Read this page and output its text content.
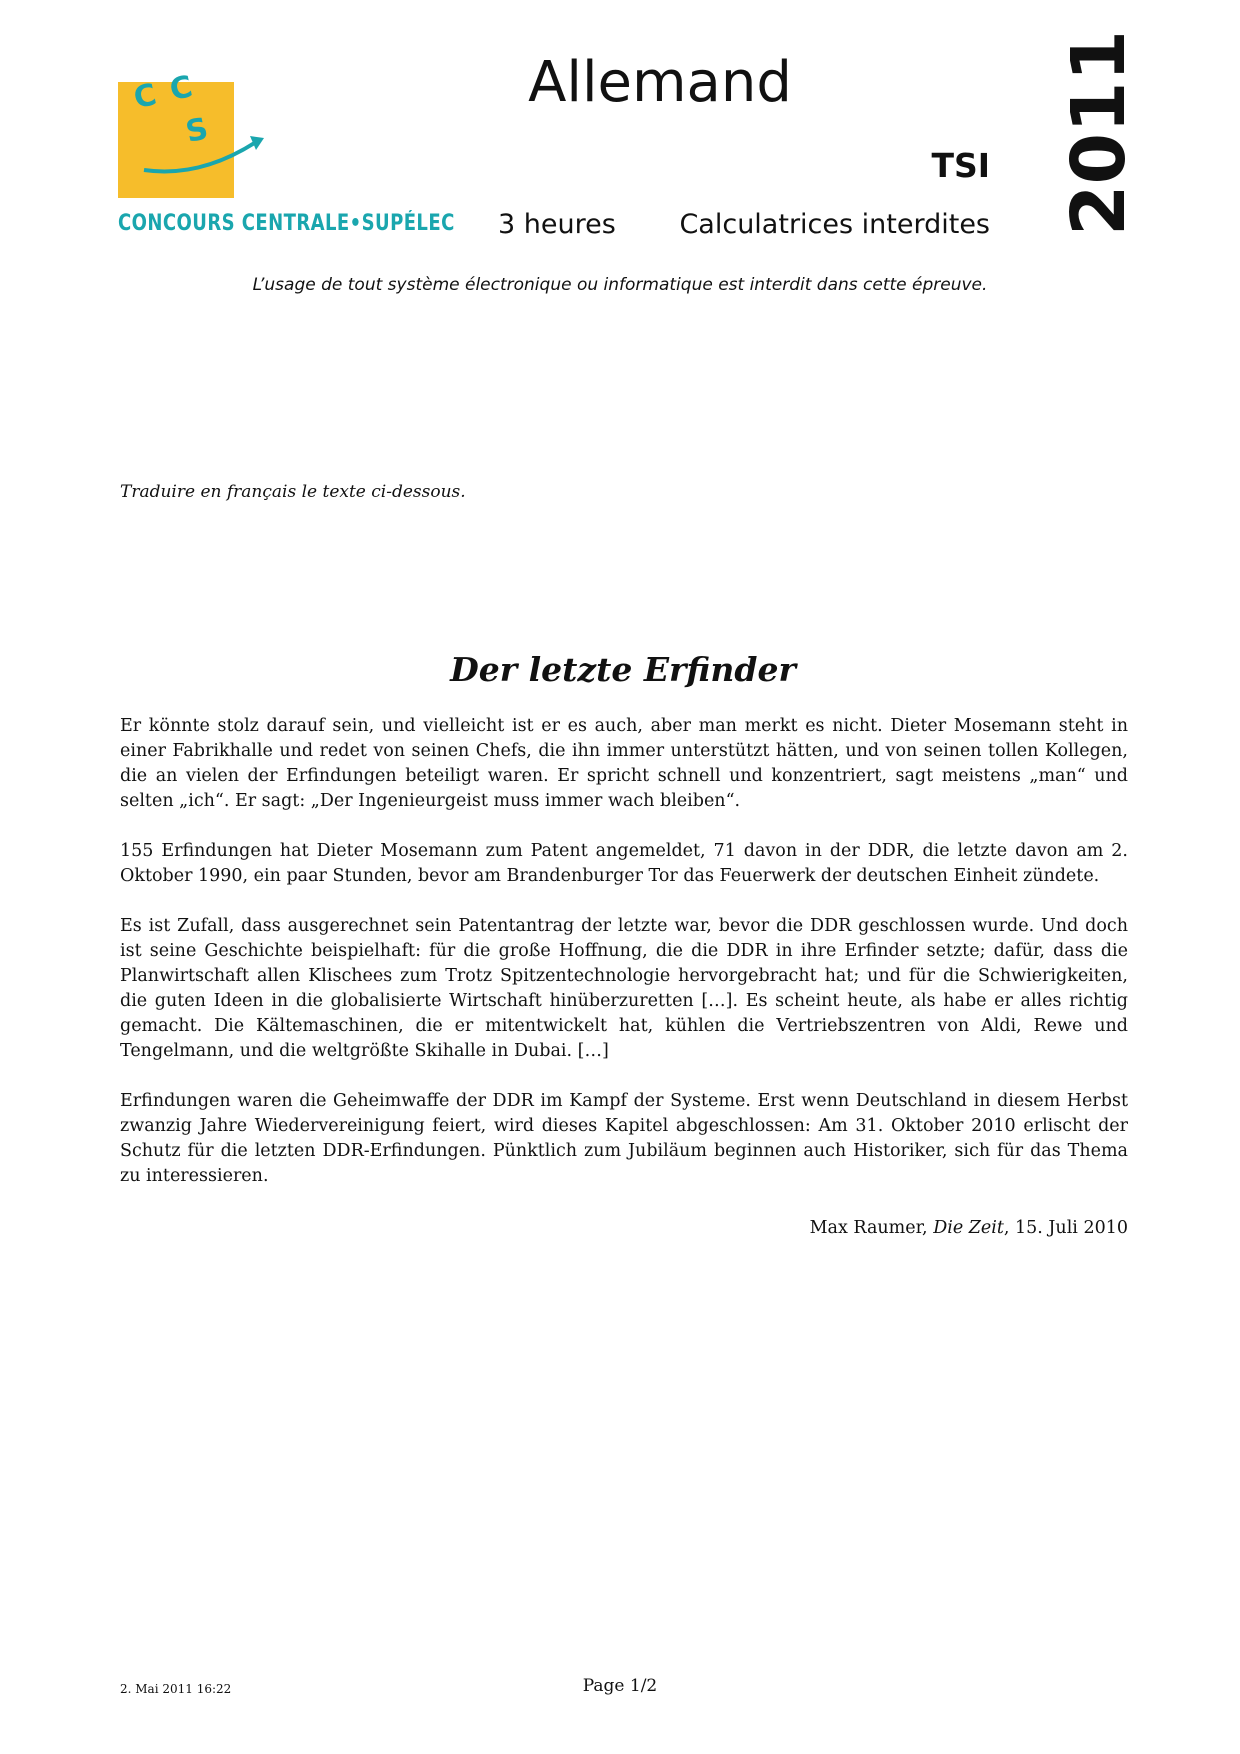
C C
S
CONCOURS CENTRALE•SUPÉLEC
Allemand
TSI 2011
3 heures Calculatrices interdites
L’usage de tout système électronique ou informatique est interdit dans cette épreuve.
Traduire en français le texte ci-dessous.
Der letzte Erfinder

Er könnte stolz darauf sein, und vielleicht ist er es auch, aber man merkt es nicht. Dieter Mosemann steht in einer Fabrikhalle und redet von seinen Chefs, die ihn immer unterstützt hätten, und von seinen tollen Kollegen, die an vielen der Erfindungen beteiligt waren. Er spricht schnell und konzentriert, sagt meistens „man“ und selten „ich“. Er sagt: „Der Ingenieurgeist muss immer wach bleiben“.

155 Erfindungen hat Dieter Mosemann zum Patent angemeldet, 71 davon in der DDR, die letzte davon am 2. Oktober 1990, ein paar Stunden, bevor am Brandenburger Tor das Feuerwerk der deutschen Einheit zündete.

Es ist Zufall, dass ausgerechnet sein Patentantrag der letzte war, bevor die DDR geschlossen wurde. Und doch ist seine Geschichte beispielhaft: für die große Hoffnung, die die DDR in ihre Erfinder setzte; dafür, dass die Planwirtschaft allen Klischees zum Trotz Spitzentechnologie hervorgebracht hat; und für die Schwierigkeiten, die guten Ideen in die globalisierte Wirtschaft hinüberzuretten […]. Es scheint heute, als habe er alles richtig gemacht. Die Kältemaschinen, die er mitentwickelt hat, kühlen die Vertriebszentren von Aldi, Rewe und Tengelmann, und die weltgrößte Skihalle in Dubai. […]

Erfindungen waren die Geheimwaffe der DDR im Kampf der Systeme. Erst wenn Deutschland in diesem Herbst zwanzig Jahre Wiedervereinigung feiert, wird dieses Kapitel abgeschlossen: Am 31. Oktober 2010 erlischt der Schutz für die letzten DDR-Erfindungen. Pünktlich zum Jubiläum beginnen auch Historiker, sich für das Thema zu interessieren.

Max Raumer, Die Zeit, 15. Juli 2010
2. Mai 2011 16:22	Page 1/2
